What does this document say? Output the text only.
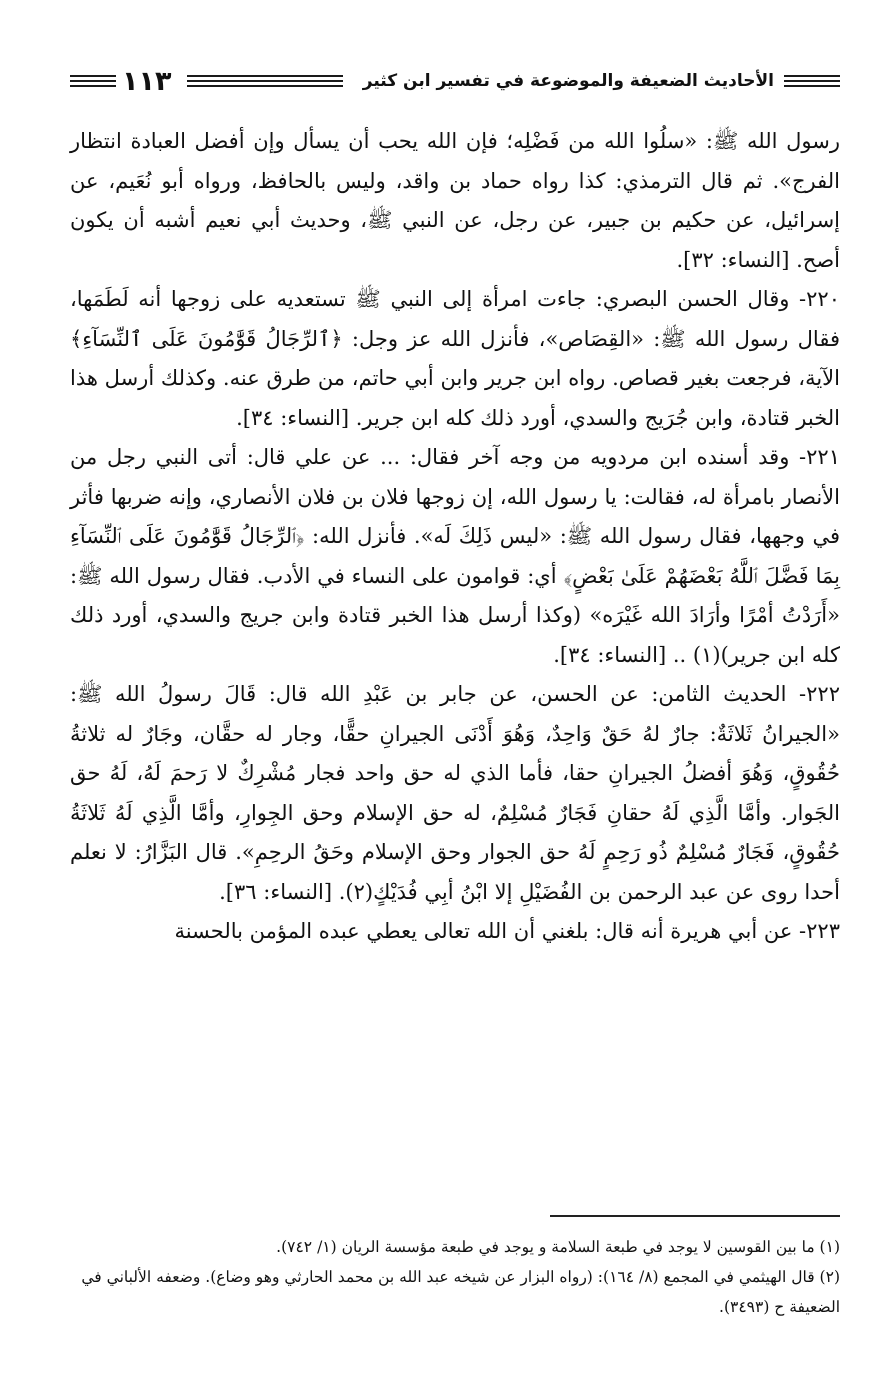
الأحاديث الضعيفة والموضوعة في تفسير ابن كثير
١١٣

رسول الله ﷺ: «سلُوا الله من فَضْلِه؛ فإن الله يحب أن يسأل وإن أفضل العبادة انتظار الفرج». ثم قال الترمذي: كذا رواه حماد بن واقد، وليس بالحافظ، ورواه أبو نُعَيم، عن إسرائيل، عن حكيم بن جبير، عن رجل، عن النبي ﷺ، وحديث أبي نعيم أشبه أن يكون أصح. [النساء: ٣٢].

٢٢٠- وقال الحسن البصري: جاءت امرأة إلى النبي ﷺ تستعديه على زوجها أنه لَطَمَها، فقال رسول الله ﷺ: «القِصَاص»، فأنزل الله عز وجل: ﴿ٱلرِّجَالُ قَوَّٰمُونَ عَلَى ٱلنِّسَآءِ﴾ الآية، فرجعت بغير قصاص. رواه ابن جرير وابن أبي حاتم، من طرق عنه. وكذلك أرسل هذا الخبر قتادة، وابن جُرَيج والسدي، أورد ذلك كله ابن جرير. [النساء: ٣٤].

٢٢١- وقد أسنده ابن مردويه من وجه آخر فقال: ... عن علي قال: أتى النبي رجل من الأنصار بامرأة له، فقالت: يا رسول الله، إن زوجها فلان بن فلان الأنصاري، وإنه ضربها فأثر في وجهها، فقال رسول الله ﷺ: «ليس ذَلِكَ لَه». فأنزل الله: ﴿ٱلرِّجَالُ قَوَّٰمُونَ عَلَى ٱلنِّسَآءِ بِمَا فَضَّلَ ٱللَّهُ بَعْضَهُمْ عَلَىٰ بَعْضٍ﴾ أي: قوامون على النساء في الأدب. فقال رسول الله ﷺ: «أَرَدْتُ أمْرًا وأرَادَ الله غَيْرَه» (وكذا أرسل هذا الخبر قتادة وابن جريج والسدي، أورد ذلك كله ابن جرير)(١) .. [النساء: ٣٤].

٢٢٢- الحديث الثامن: عن الحسن، عن جابر بن عَبْدِ الله قال: قَالَ رسولُ الله ﷺ: «الجيرانُ ثَلاثَةٌ: جارٌ لهُ حَقٌ وَاحِدٌ، وَهُوَ أَدْنَى الجيرانِ حقًّا، وجار له حقَّان، وجَارٌ له ثلاثةُ حُقُوقٍ، وَهُوَ أفضلُ الجيرانِ حقا، فأما الذي له حق واحد فجار مُشْرِكٌ لا رَحمَ لَهُ، لَهُ حق الجَوار. وأمَّا الَّذِي لَهُ حقانِ فَجَارٌ مُسْلِمٌ، له حق الإسلام وحق الجِوارِ، وأمَّا الَّذِي لَهُ ثَلاثَةُ حُقُوقٍ، فَجَارٌ مُسْلِمٌ ذُو رَحِمٍ لَهُ حق الجوار وحق الإسلام وحَقُ الرحِمِ». قال البَزَّارُ: لا نعلم أحدا روى عن عبد الرحمن بن الفُضَيْلِ إلا ابْنُ أبِي فُدَيْكٍ(٢). [النساء: ٣٦].

٢٢٣- عن أبي هريرة أنه قال: بلغني أن الله تعالى يعطي عبده المؤمن بالحسنة

(١) ما بين القوسين لا يوجد في طبعة السلامة و يوجد في طبعة مؤسسة الريان (١/ ٧٤٢).

(٢) قال الهيثمي في المجمع (٨/ ١٦٤): (رواه البزار عن شيخه عبد الله بن محمد الحارثي وهو وضاع). وضعفه الألباني في الضعيفة ح (٣٤٩٣).
